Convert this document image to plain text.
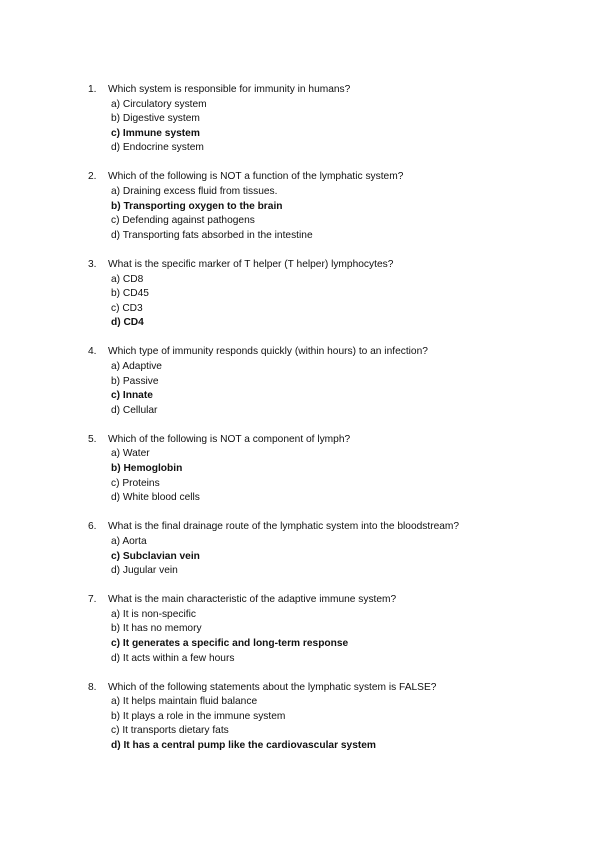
1.	Which system is responsible for immunity in humans?
a) Circulatory system
b) Digestive system
c) Immune system
d) Endocrine system
2.	Which of the following is NOT a function of the lymphatic system?
a) Draining excess fluid from tissues.
b) Transporting oxygen to the brain
c) Defending against pathogens
d) Transporting fats absorbed in the intestine
3.	What is the specific marker of T helper (T helper) lymphocytes?
a) CD8
b) CD45
c) CD3
d) CD4
4.	Which type of immunity responds quickly (within hours) to an infection?
a) Adaptive
b) Passive
c) Innate
d) Cellular
5.	Which of the following is NOT a component of lymph?
a) Water
b) Hemoglobin
c) Proteins
d) White blood cells
6.	What is the final drainage route of the lymphatic system into the bloodstream?
a) Aorta
c) Subclavian vein
d) Jugular vein
7.	What is the main characteristic of the adaptive immune system?
a) It is non-specific
b) It has no memory
c) It generates a specific and long-term response
d) It acts within a few hours
8.	Which of the following statements about the lymphatic system is FALSE?
a) It helps maintain fluid balance
b) It plays a role in the immune system
c) It transports dietary fats
d) It has a central pump like the cardiovascular system
